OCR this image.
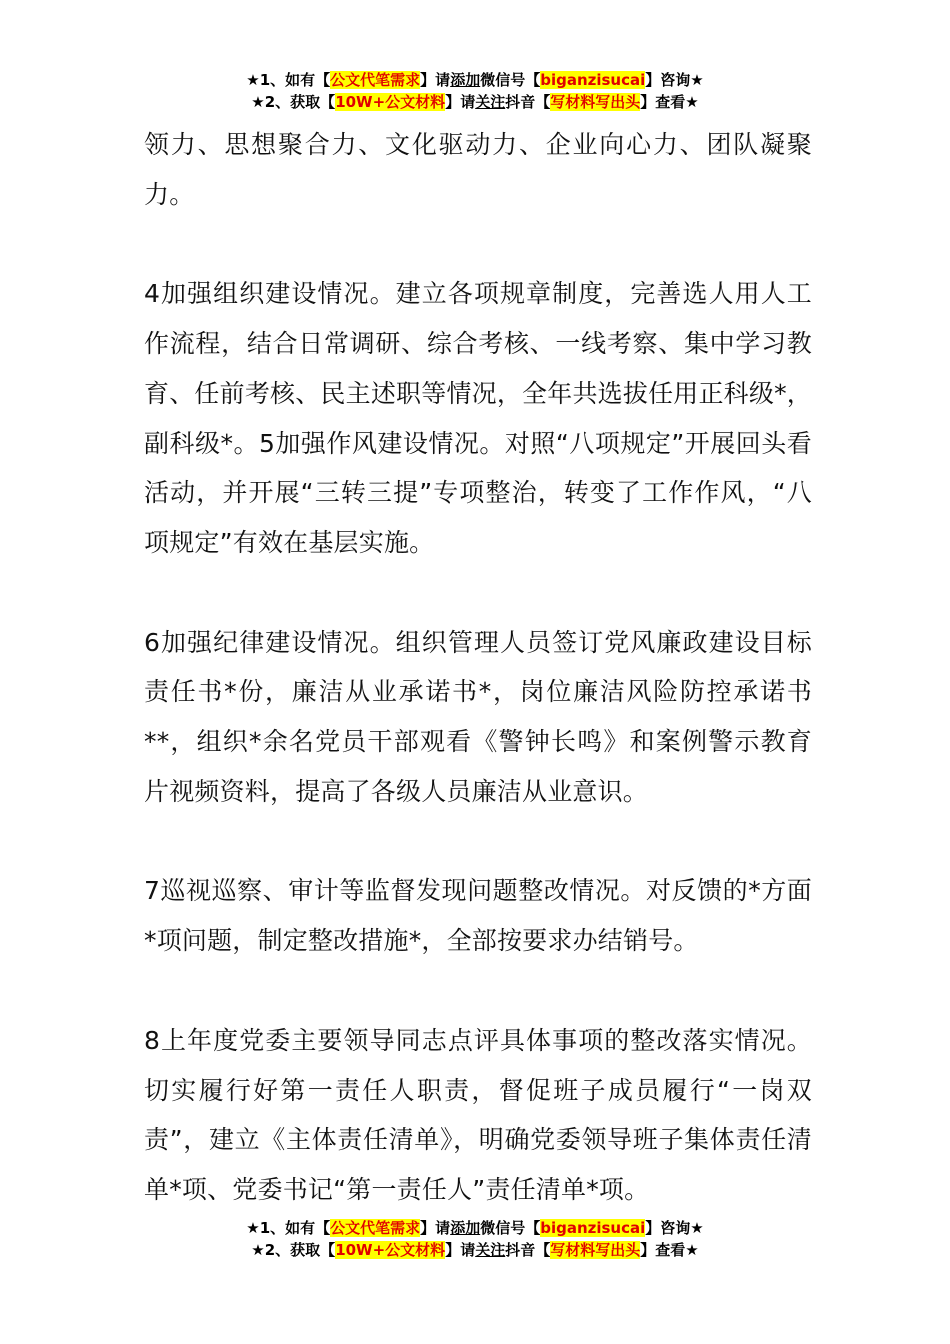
★1、如有【公文代笔需求】请添加微信号【biganzisucai】咨询★
★2、获取【10W+公文材料】请关注抖音【写材料写出头】查看★

领力、思想聚合力、文化驱动力、企业向心力、团队凝聚力。

4加强组织建设情况。建立各项规章制度，完善选人用人工作流程，结合日常调研、综合考核、一线考察、集中学习教育、任前考核、民主述职等情况，全年共选拔任用正科级*，副科级*。5加强作风建设情况。对照“八项规定”开展回头看活动，并开展“三转三提”专项整治，转变了工作作风，“八项规定”有效在基层实施。

6加强纪律建设情况。组织管理人员签订党风廉政建设目标责任书*份，廉洁从业承诺书*，岗位廉洁风险防控承诺书**，组织*余名党员干部观看《警钟长鸣》和案例警示教育片视频资料，提高了各级人员廉洁从业意识。

7巡视巡察、审计等监督发现问题整改情况。对反馈的*方面*项问题，制定整改措施*，全部按要求办结销号。

8上年度党委主要领导同志点评具体事项的整改落实情况。切实履行好第一责任人职责，督促班子成员履行“一岗双责”，建立《主体责任清单》，明确党委领导班子集体责任清单*项、党委书记“第一责任人”责任清单*项。

★1、如有【公文代笔需求】请添加微信号【biganzisucai】咨询★
★2、获取【10W+公文材料】请关注抖音【写材料写出头】查看★
